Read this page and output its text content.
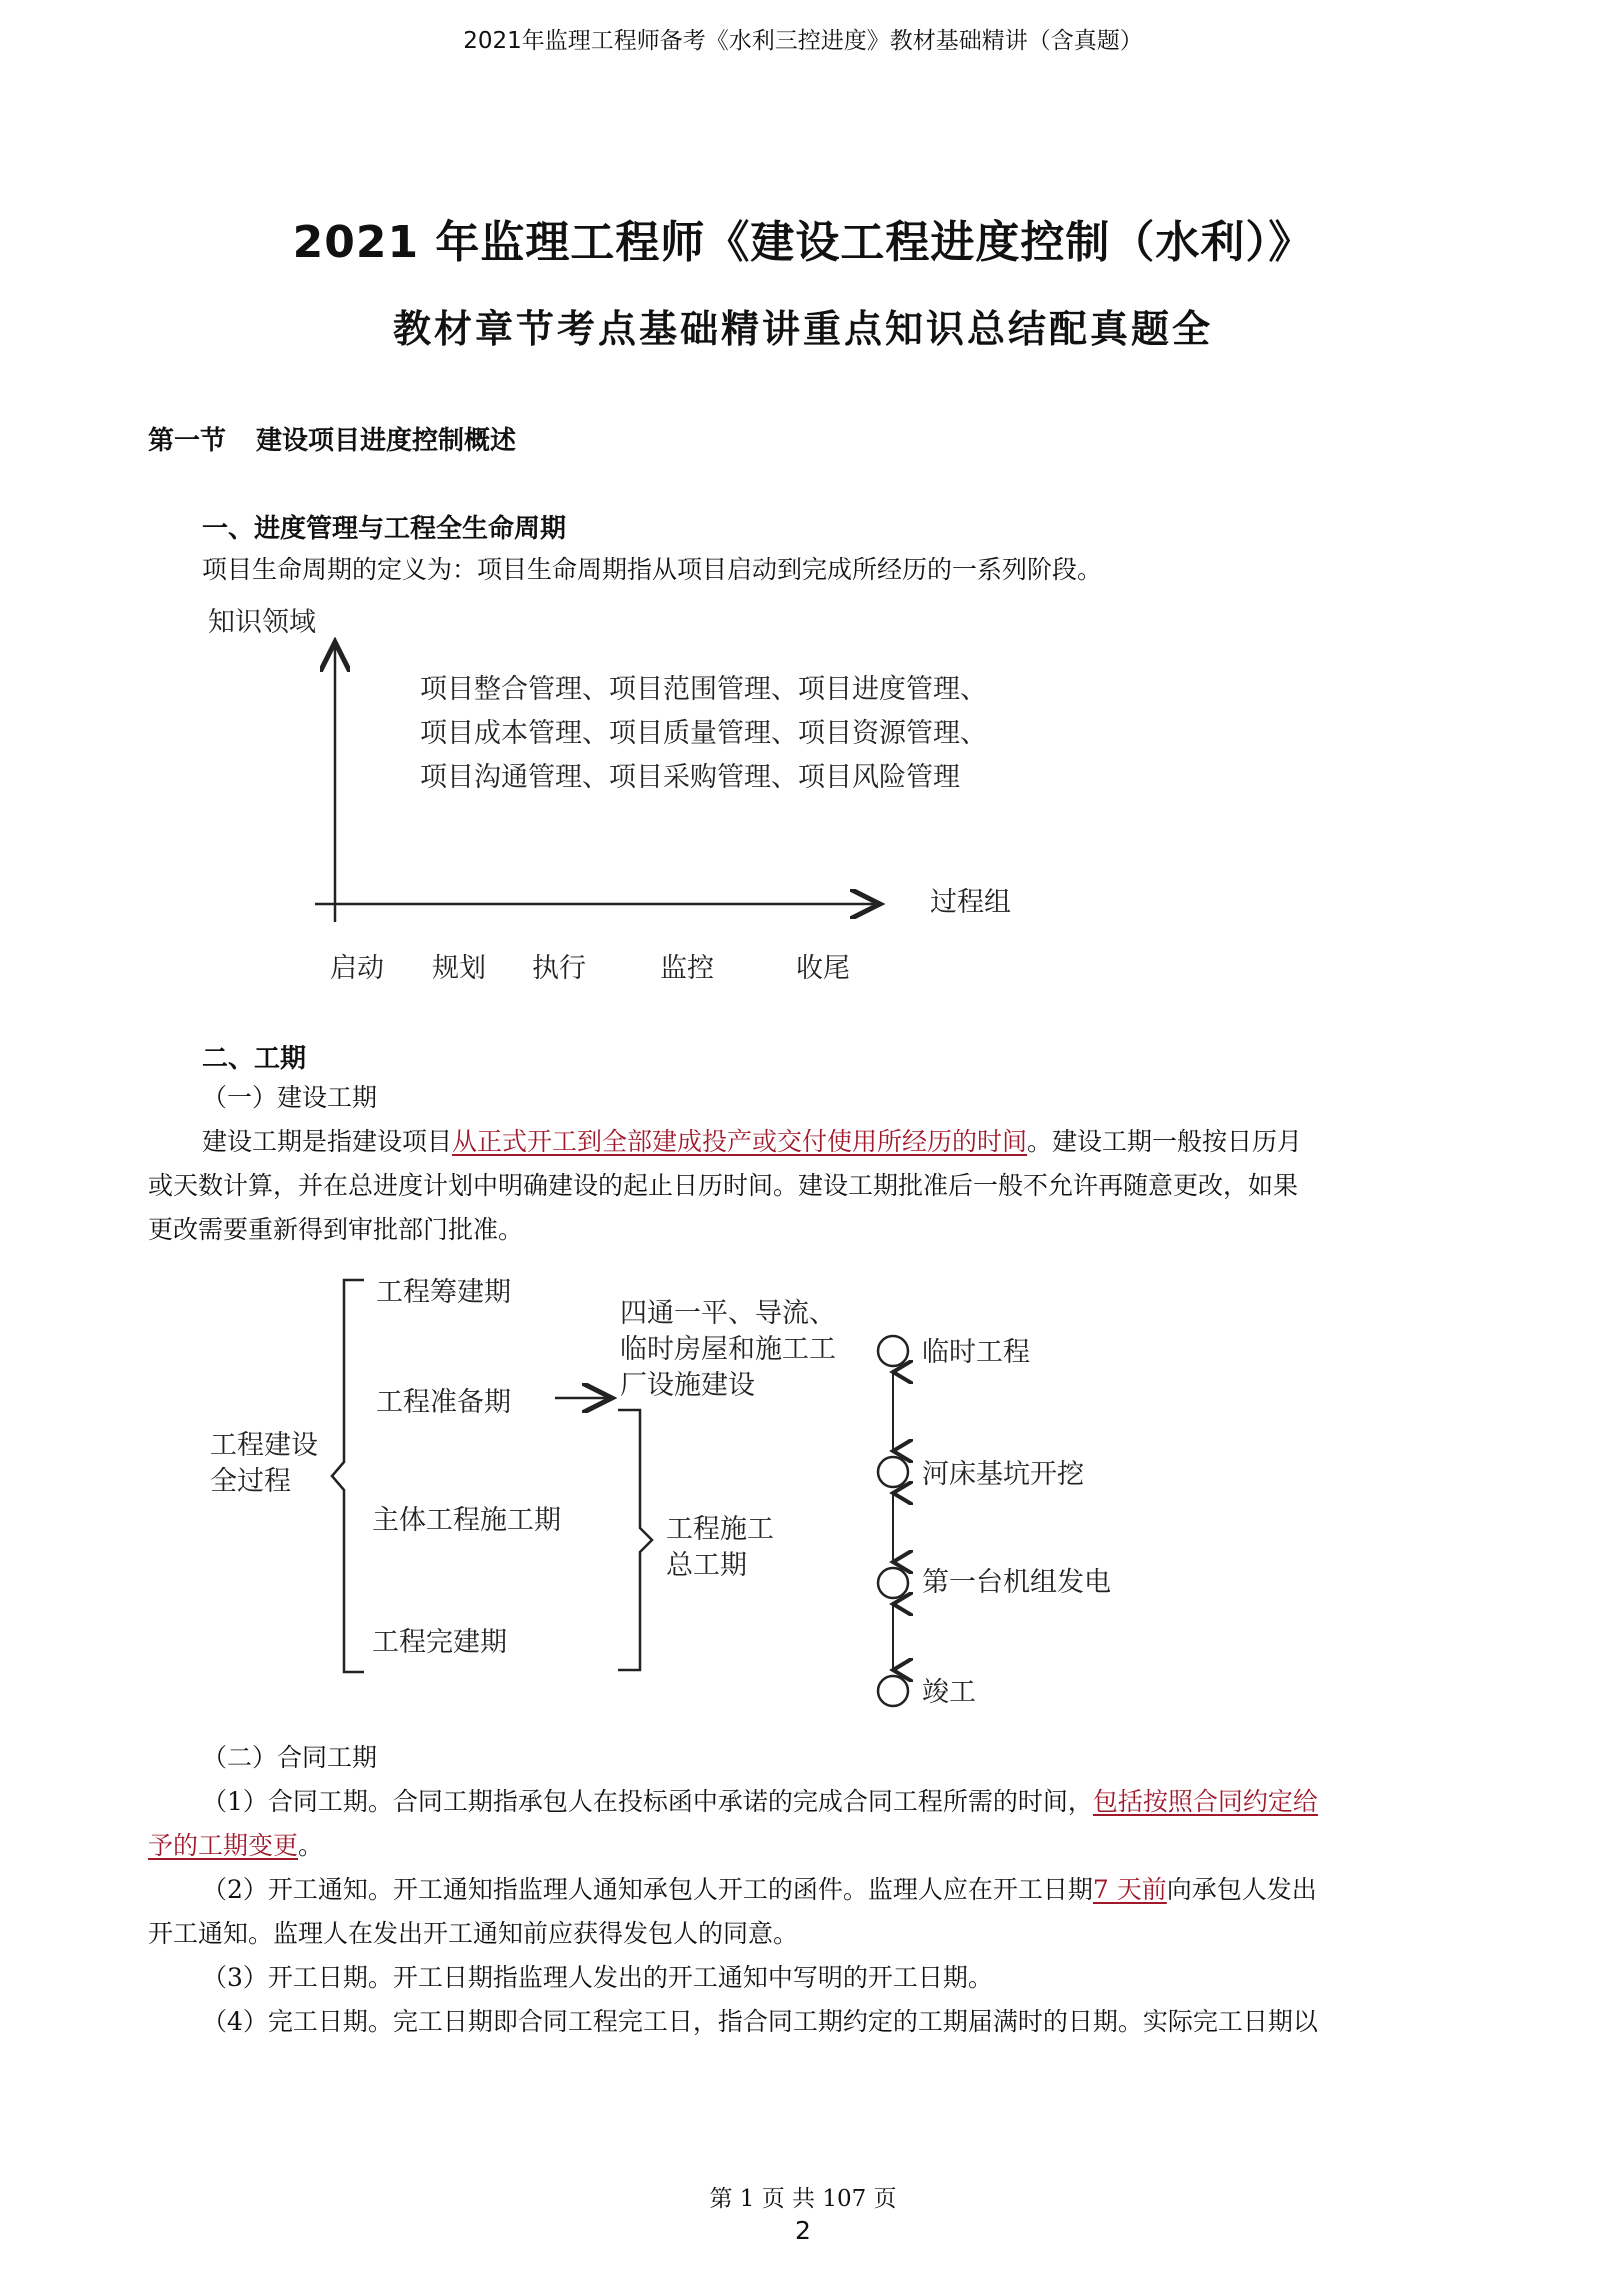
2021年监理工程师备考《水利三控进度》教材基础精讲（含真题）
2021 年监理工程师《建设工程进度控制（水利）》
教材章节考点基础精讲重点知识总结配真题全
第一节 建设项目进度控制概述
一、进度管理与工程全生命周期
项目生命周期的定义为：项目生命周期指从项目启动到完成所经历的一系列阶段。
知识领域
过程组
项目整合管理、项目范围管理、项目进度管理、
项目成本管理、项目质量管理、项目资源管理、
项目沟通管理、项目采购管理、项目风险管理
启动 规划 执行	监控	收尾
二、工期
（一）建设工期
建设工期是指建设项目从正式开工到全部建成投产或交付使用所经历的时间。建设工期一般按日历月
或天数计算，并在总进度计划中明确建设的起止日历时间。建设工期批准后一般不允许再随意更改，如果
更改需要重新得到审批部门批准。
工程建设
全过程
工程筹建期
工程准备期
主体工程施工期
工程完建期
四通一平、导流、
临时房屋和施工工
厂设施建设
工程施工
总工期
临时工程
河床基坑开挖
第一台机组发电
竣工
（二）合同工期
（1）合同工期。合同工期指承包人在投标函中承诺的完成合同工程所需的时间，包括按照合同约定给
予的工期变更。
（2）开工通知。开工通知指监理人通知承包人开工的函件。监理人应在开工日期7 天前向承包人发出
开工通知。监理人在发出开工通知前应获得发包人的同意。
（3）开工日期。开工日期指监理人发出的开工通知中写明的开工日期。
（4）完工日期。完工日期即合同工程完工日，指合同工期约定的工期届满时的日期。实际完工日期以
第 1 页 共 107 页
2
